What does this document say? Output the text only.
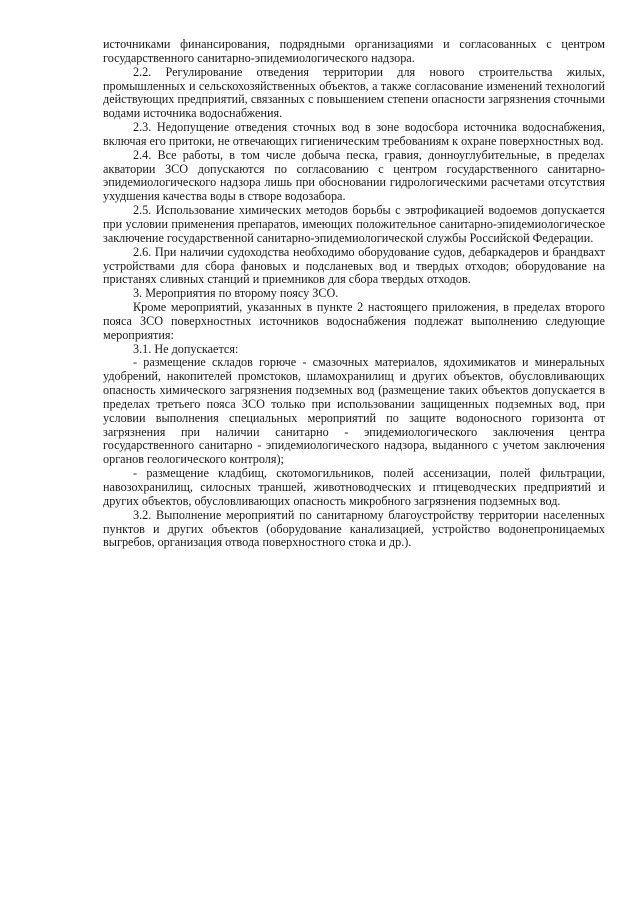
источниками финансирования, подрядными организациями и согласованных с центром государственного санитарно-эпидемиологического надзора.

2.2. Регулирование отведения территории для нового строительства жилых, промышленных и сельскохозяйственных объектов, а также согласование изменений технологий действующих предприятий, связанных с повышением степени опасности загрязнения сточными водами источника водоснабжения.

2.3. Недопущение отведения сточных вод в зоне водосбора источника водоснабжения, включая его притоки, не отвечающих гигиеническим требованиям к охране поверхностных вод.

2.4. Все работы, в том числе добыча песка, гравия, донноуглубительные, в пределах акватории ЗСО допускаются по согласованию с центром государственного санитарно-эпидемиологического надзора лишь при обосновании гидрологическими расчетами отсутствия ухудшения качества воды в створе водозабора.

2.5. Использование химических методов борьбы с эвтрофикацией водоемов допускается при условии применения препаратов, имеющих положительное санитарно-эпидемиологическое заключение государственной санитарно-эпидемиологической службы Российской Федерации.

2.6. При наличии судоходства необходимо оборудование судов, дебаркадеров и брандвахт устройствами для сбора фановых и подсланевых вод и твердых отходов; оборудование на пристанях сливных станций и приемников для сбора твердых отходов.

3. Мероприятия по второму поясу ЗСО.

Кроме мероприятий, указанных в пункте 2 настоящего приложения, в пределах второго пояса ЗСО поверхностных источников водоснабжения подлежат выполнению следующие мероприятия:

3.1. Не допускается:

- размещение складов горюче - смазочных материалов, ядохимикатов и минеральных удобрений, накопителей промстоков, шламохранилищ и других объектов, обусловливающих опасность химического загрязнения подземных вод (размещение таких объектов допускается в пределах третьего пояса ЗСО только при использовании защищенных подземных вод, при условии выполнения специальных мероприятий по защите водоносного горизонта от загрязнения при наличии санитарно - эпидемиологического заключения центра государственного санитарно - эпидемиологического надзора, выданного с учетом заключения органов геологического контроля);

- размещение кладбищ, скотомогильников, полей ассенизации, полей фильтрации, навозохранилищ, силосных траншей, животноводческих и птицеводческих предприятий и других объектов, обусловливающих опасность микробного загрязнения подземных вод.

3.2. Выполнение мероприятий по санитарному благоустройству территории населенных пунктов и других объектов (оборудование канализацией, устройство водонепроницаемых выгребов, организация отвода поверхностного стока и др.).
